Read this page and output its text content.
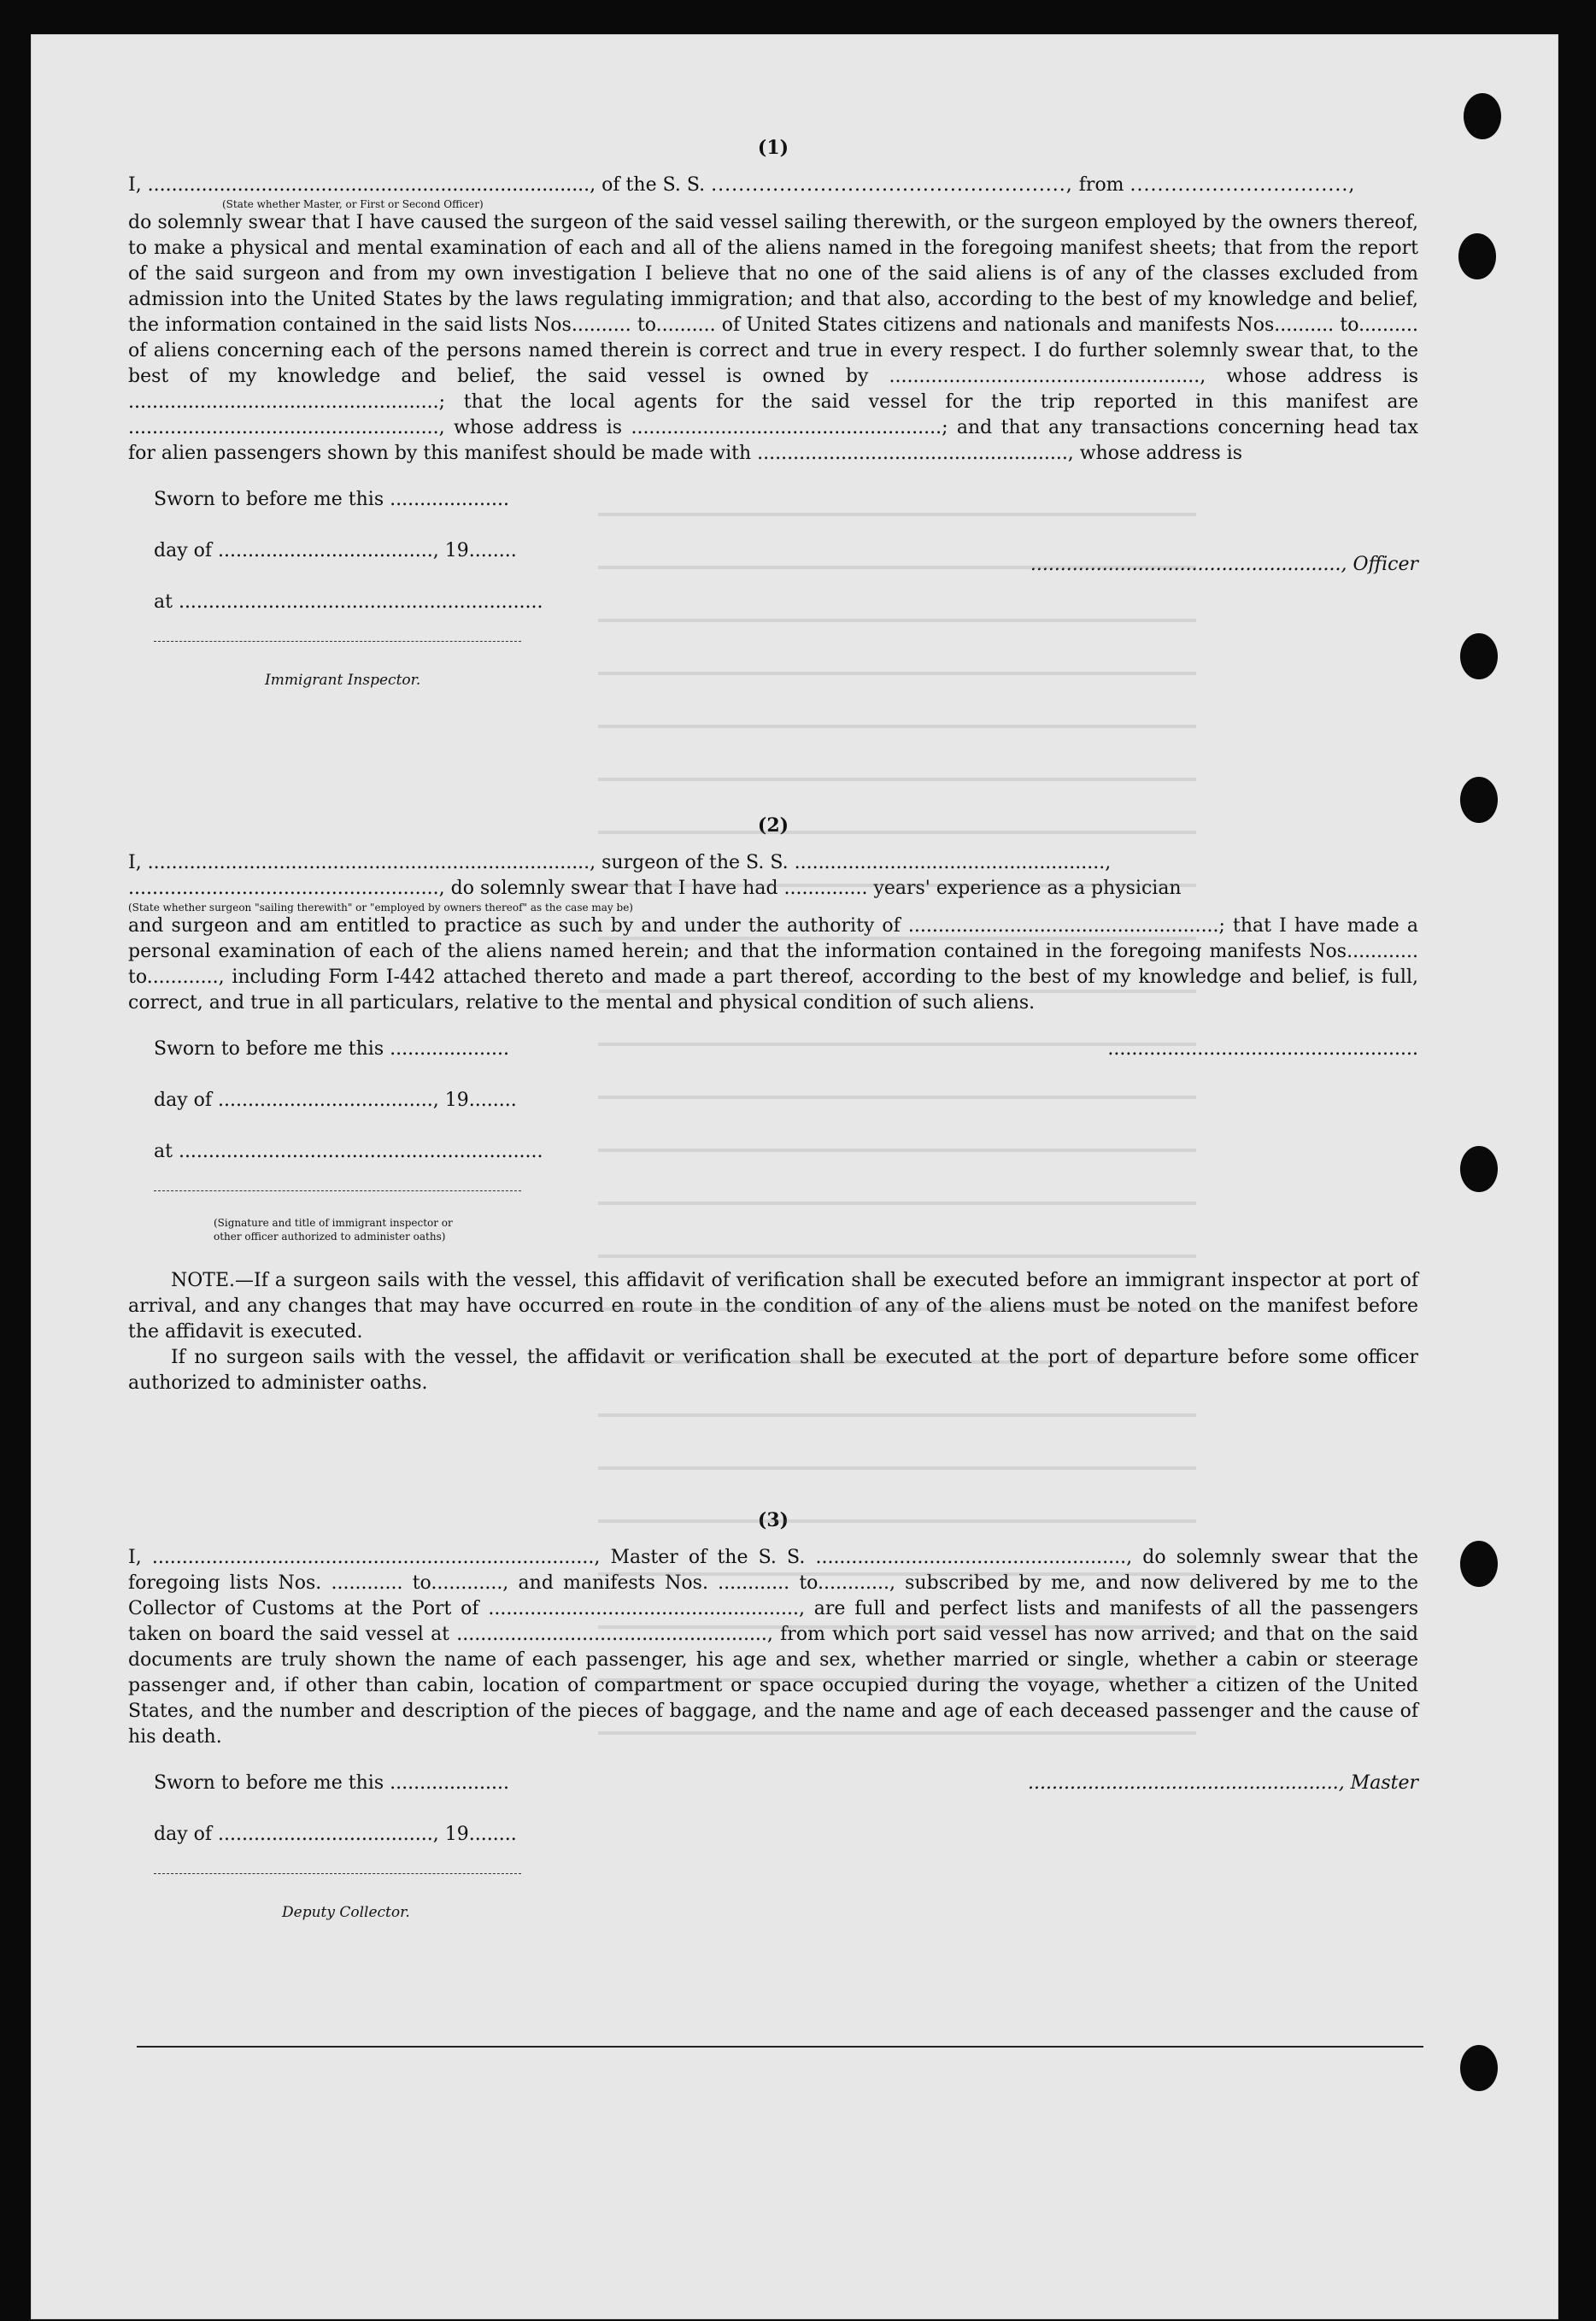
(1)
I, .........................................................................., of the S. S. ...................................................., from ................................,
(State whether Master, or First or Second Officer)
do solemnly swear that I have caused the surgeon of the said vessel sailing therewith, or the surgeon employed by the owners thereof, to make a physical and mental examination of each and all of the aliens named in the foregoing manifest sheets; that from the report of the said surgeon and from my own investigation I believe that no one of the said aliens is of any of the classes excluded from admission into the United States by the laws regulating immigration; and that also, according to the best of my knowledge and belief, the information contained in the said lists Nos.......... to.......... of United States citizens and nationals and manifests Nos.......... to.......... of aliens concerning each of the persons named therein is correct and true in every respect. I do further solemnly swear that, to the best of my knowledge and belief, the said vessel is owned by ...................................................., whose address is ....................................................; that the local agents for the said vessel for the trip reported in this manifest are ...................................................., whose address is ....................................................; and that any transactions concerning head tax for alien passengers shown by this manifest should be made with ...................................................., whose address is
Sworn to before me this ....................
day of ...................................., 19........
at .............................................................
Immigrant Inspector.
...................................................., Officer
(2)
I, .........................................................................., surgeon of the S. S. ....................................................,
...................................................., do solemnly swear that I have had .............. years' experience as a physician
(State whether surgeon "sailing therewith" or "employed by owners thereof" as the case may be)
and surgeon and am entitled to practice as such by and under the authority of ....................................................; that I have made a personal examination of each of the aliens named herein; and that the information contained in the foregoing manifests Nos............ to............, including Form I-442 attached thereto and made a part thereof, according to the best of my knowledge and belief, is full, correct, and true in all particulars, relative to the mental and physical condition of such aliens.
Sworn to before me this ....................
day of ...................................., 19........
at .............................................................
(Signature and title of immigrant inspector or
other officer authorized to administer oaths)
....................................................
NOTE.—If a surgeon sails with the vessel, this affidavit of verification shall be executed before an immigrant inspector at port of arrival, and any changes that may have occurred en route in the condition of any of the aliens must be noted on the manifest before the affidavit is executed.
If no surgeon sails with the vessel, the affidavit or verification shall be executed at the port of departure before some officer authorized to administer oaths.
(3)
I, .........................................................................., Master of the S. S. ...................................................., do solemnly swear that the foregoing lists Nos. ............ to............, and manifests Nos. ............ to............, subscribed by me, and now delivered by me to the Collector of Customs at the Port of ...................................................., are full and perfect lists and manifests of all the passengers taken on board the said vessel at ...................................................., from which port said vessel has now arrived; and that on the said documents are truly shown the name of each passenger, his age and sex, whether married or single, whether a cabin or steerage passenger and, if other than cabin, location of compartment or space occupied during the voyage, whether a citizen of the United States, and the number and description of the pieces of baggage, and the name and age of each deceased passenger and the cause of his death.
Sworn to before me this ....................
day of ...................................., 19........
Deputy Collector.
...................................................., Master
